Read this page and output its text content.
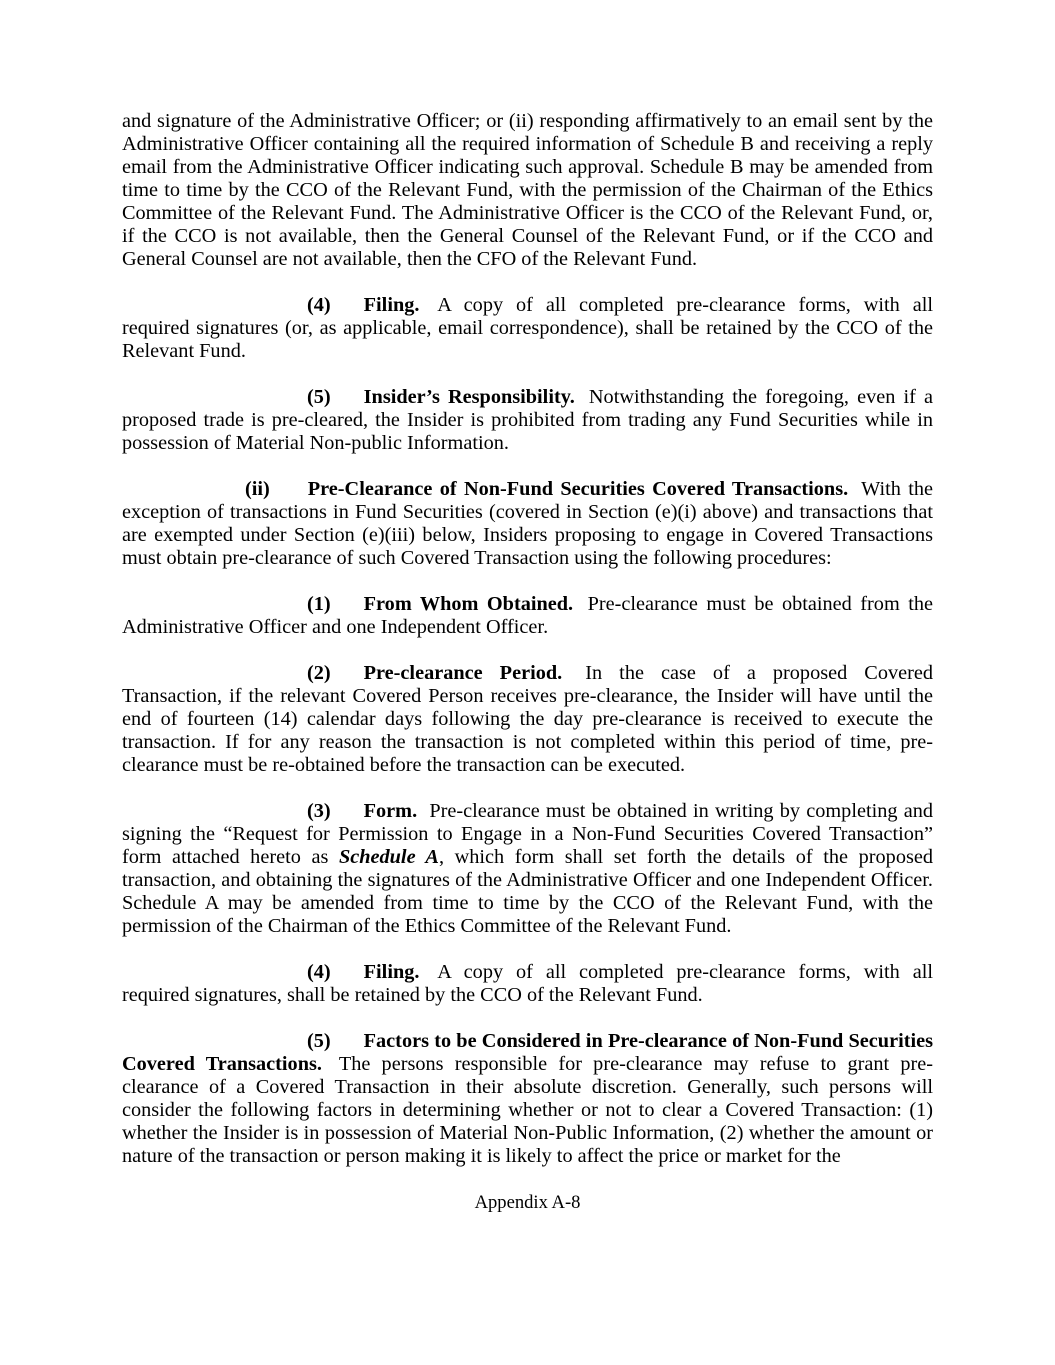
and signature of the Administrative Officer; or (ii) responding affirmatively to an email sent by the Administrative Officer containing all the required information of Schedule B and receiving a reply email from the Administrative Officer indicating such approval. Schedule B may be amended from time to time by the CCO of the Relevant Fund, with the permission of the Chairman of the Ethics Committee of the Relevant Fund. The Administrative Officer is the CCO of the Relevant Fund, or, if the CCO is not available, then the General Counsel of the Relevant Fund, or if the CCO and General Counsel are not available, then the CFO of the Relevant Fund.

(4) Filing. A copy of all completed pre-clearance forms, with all required signatures (or, as applicable, email correspondence), shall be retained by the CCO of the Relevant Fund.

(5) Insider’s Responsibility. Notwithstanding the foregoing, even if a proposed trade is pre-cleared, the Insider is prohibited from trading any Fund Securities while in possession of Material Non-public Information.

(ii) Pre-Clearance of Non-Fund Securities Covered Transactions. With the exception of transactions in Fund Securities (covered in Section (e)(i) above) and transactions that are exempted under Section (e)(iii) below, Insiders proposing to engage in Covered Transactions must obtain pre-clearance of such Covered Transaction using the following procedures:

(1) From Whom Obtained. Pre-clearance must be obtained from the Administrative Officer and one Independent Officer.

(2) Pre-clearance Period. In the case of a proposed Covered Transaction, if the relevant Covered Person receives pre-clearance, the Insider will have until the end of fourteen (14) calendar days following the day pre-clearance is received to execute the transaction. If for any reason the transaction is not completed within this period of time, pre-clearance must be re-obtained before the transaction can be executed.

(3) Form. Pre-clearance must be obtained in writing by completing and signing the “Request for Permission to Engage in a Non-Fund Securities Covered Transaction” form attached hereto as Schedule A, which form shall set forth the details of the proposed transaction, and obtaining the signatures of the Administrative Officer and one Independent Officer. Schedule A may be amended from time to time by the CCO of the Relevant Fund, with the permission of the Chairman of the Ethics Committee of the Relevant Fund.

(4) Filing. A copy of all completed pre-clearance forms, with all required signatures, shall be retained by the CCO of the Relevant Fund.

(5) Factors to be Considered in Pre-clearance of Non-Fund Securities Covered Transactions. The persons responsible for pre-clearance may refuse to grant pre-clearance of a Covered Transaction in their absolute discretion. Generally, such persons will consider the following factors in determining whether or not to clear a Covered Transaction: (1) whether the Insider is in possession of Material Non-Public Information, (2) whether the amount or nature of the transaction or person making it is likely to affect the price or market for the

Appendix A-8
